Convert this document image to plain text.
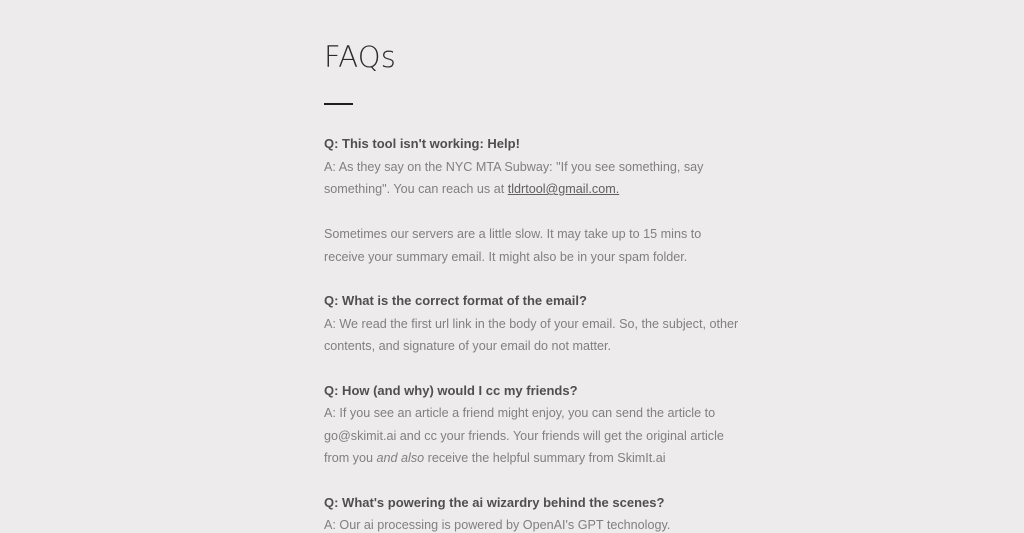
FAQs

Q: This tool isn't working: Help!

A: As they say on the NYC MTA Subway: "If you see something, say something". You can reach us at tldrtool@gmail.com.

Sometimes our servers are a little slow. It may take up to 15 mins to receive your summary email. It might also be in your spam folder.

Q: What is the correct format of the email?

A: We read the first url link in the body of your email. So, the subject, other contents, and signature of your email do not matter.

Q: How (and why) would I cc my friends?

A: If you see an article a friend might enjoy, you can send the article to go@skimit.ai and cc your friends. Your friends will get the original article from you and also receive the helpful summary from SkimIt.ai

Q: What's powering the ai wizardry behind the scenes?

A: Our ai processing is powered by OpenAI's GPT technology.
